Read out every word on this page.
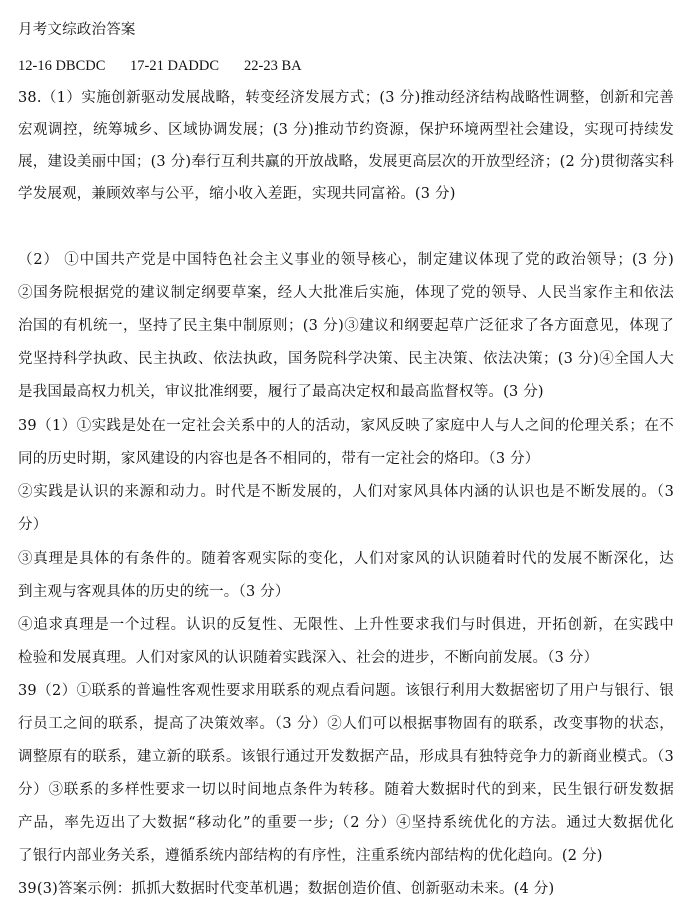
月考文综政治答案
12-16 DBCDC 17-21 DADDC 22-23 BA
38.（1）实施创新驱动发展战略，转变经济发展方式；(3 分)推动经济结构战略性调整，创新和完善
宏观调控，统筹城乡、区域协调发展；(3 分)推动节约资源，保护环境两型社会建设，实现可持续发
展，建设美丽中国；(3 分)奉行互利共赢的开放战略，发展更高层次的开放型经济；(2 分)贯彻落实科
学发展观，兼顾效率与公平，缩小收入差距，实现共同富裕。(3 分)
（2） ①中国共产党是中国特色社会主义事业的领导核心，制定建议体现了党的政治领导；(3 分)
②国务院根据党的建议制定纲要草案，经人大批准后实施，体现了党的领导、人民当家作主和依法
治国的有机统一，坚持了民主集中制原则；(3 分)③建议和纲要起草广泛征求了各方面意见，体现了
党坚持科学执政、民主执政、依法执政，国务院科学决策、民主决策、依法决策；(3 分)④全国人大
是我国最高权力机关，审议批准纲要，履行了最高决定权和最高监督权等。(3 分)
39（1）①实践是处在一定社会关系中的人的活动，家风反映了家庭中人与人之间的伦理关系；在不
同的历史时期，家风建设的内容也是各不相同的，带有一定社会的烙印。（3 分）
②实践是认识的来源和动力。时代是不断发展的，人们对家风具体内涵的认识也是不断发展的。（3
分）
③真理是具体的有条件的。随着客观实际的变化，人们对家风的认识随着时代的发展不断深化，达
到主观与客观具体的历史的统一。（3 分）
④追求真理是一个过程。认识的反复性、无限性、上升性要求我们与时俱进，开拓创新，在实践中
检验和发展真理。人们对家风的认识随着实践深入、社会的进步，不断向前发展。（3 分）
39（2）①联系的普遍性客观性要求用联系的观点看问题。该银行利用大数据密切了用户与银行、银
行员工之间的联系，提高了决策效率。（3 分）②人们可以根据事物固有的联系，改变事物的状态，
调整原有的联系，建立新的联系。该银行通过开发数据产品，形成具有独特竞争力的新商业模式。（3
分）③联系的多样性要求一切以时间地点条件为转移。随着大数据时代的到来，民生银行研发数据
产品，率先迈出了大数据“移动化”的重要一步;（2 分）④坚持系统优化的方法。通过大数据优化
了银行内部业务关系，遵循系统内部结构的有序性，注重系统内部结构的优化趋向。(2 分)
39(3)答案示例：抓抓大数据时代变革机遇；数据创造价值、创新驱动未来。(4 分)
